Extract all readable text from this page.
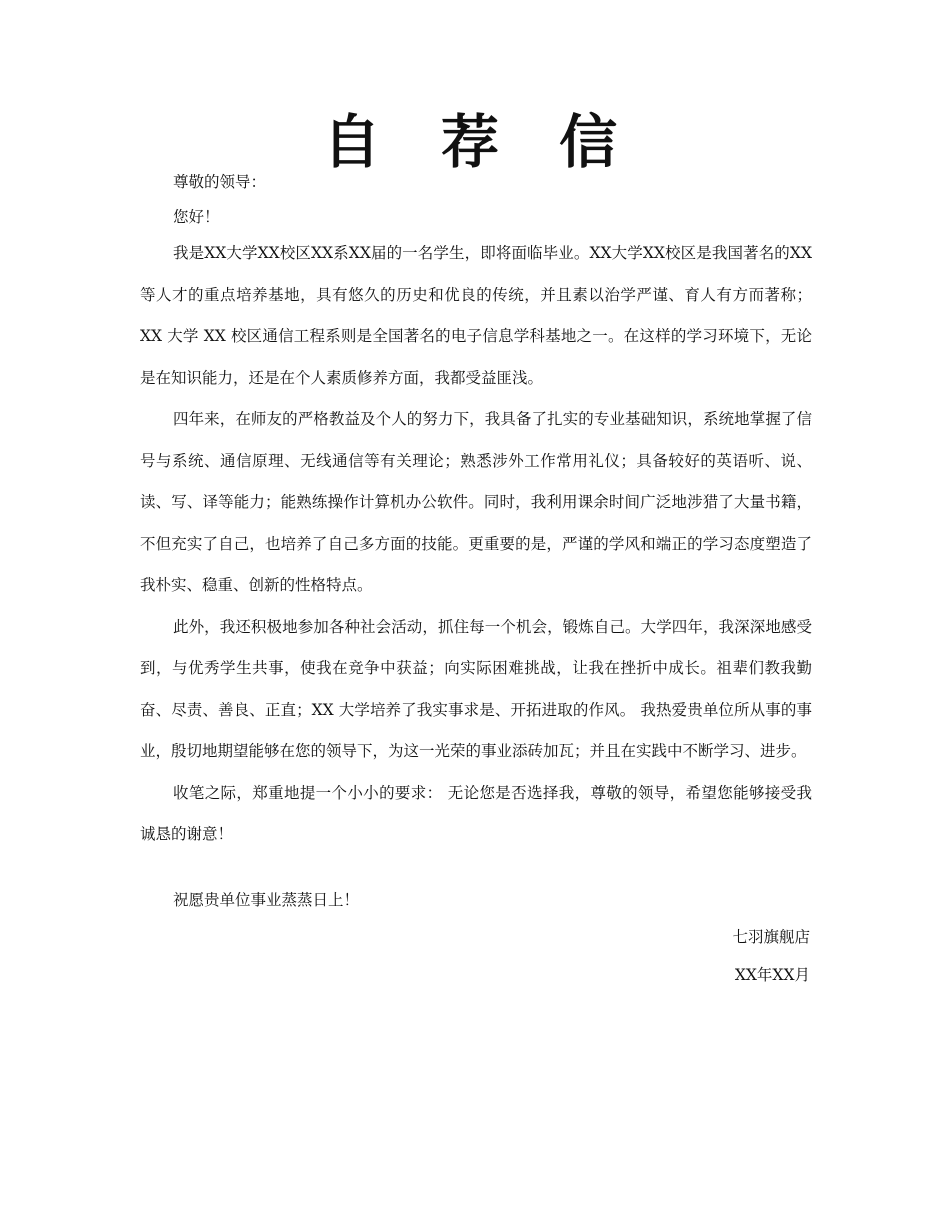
自 荐 信
尊敬的领导：
您好！

我是XX大学XX校区XX系XX届的一名学生，即将面临毕业。XX大学XX校区是我国著名的XX等人才的重点培养基地，具有悠久的历史和优良的传统，并且素以治学严谨、育人有方而著称；XX 大学 XX 校区通信工程系则是全国著名的电子信息学科基地之一。在这样的学习环境下，无论是在知识能力，还是在个人素质修养方面，我都受益匪浅。

四年来，在师友的严格教益及个人的努力下，我具备了扎实的专业基础知识，系统地掌握了信号与系统、通信原理、无线通信等有关理论；熟悉涉外工作常用礼仪；具备较好的英语听、说、读、写、译等能力；能熟练操作计算机办公软件。同时，我利用课余时间广泛地涉猎了大量书籍，不但充实了自己，也培养了自己多方面的技能。更重要的是，严谨的学风和端正的学习态度塑造了我朴实、稳重、创新的性格特点。

此外，我还积极地参加各种社会活动，抓住每一个机会，锻炼自己。大学四年，我深深地感受到，与优秀学生共事，使我在竞争中获益；向实际困难挑战，让我在挫折中成长。祖辈们教我勤奋、尽责、善良、正直；XX 大学培养了我实事求是、开拓进取的作风。 我热爱贵单位所从事的事业，殷切地期望能够在您的领导下，为这一光荣的事业添砖加瓦；并且在实践中不断学习、进步。

收笔之际，郑重地提一个小小的要求： 无论您是否选择我，尊敬的领导，希望您能够接受我诚恳的谢意！

祝愿贵单位事业蒸蒸日上！
七羽旗舰店
XX年XX月
